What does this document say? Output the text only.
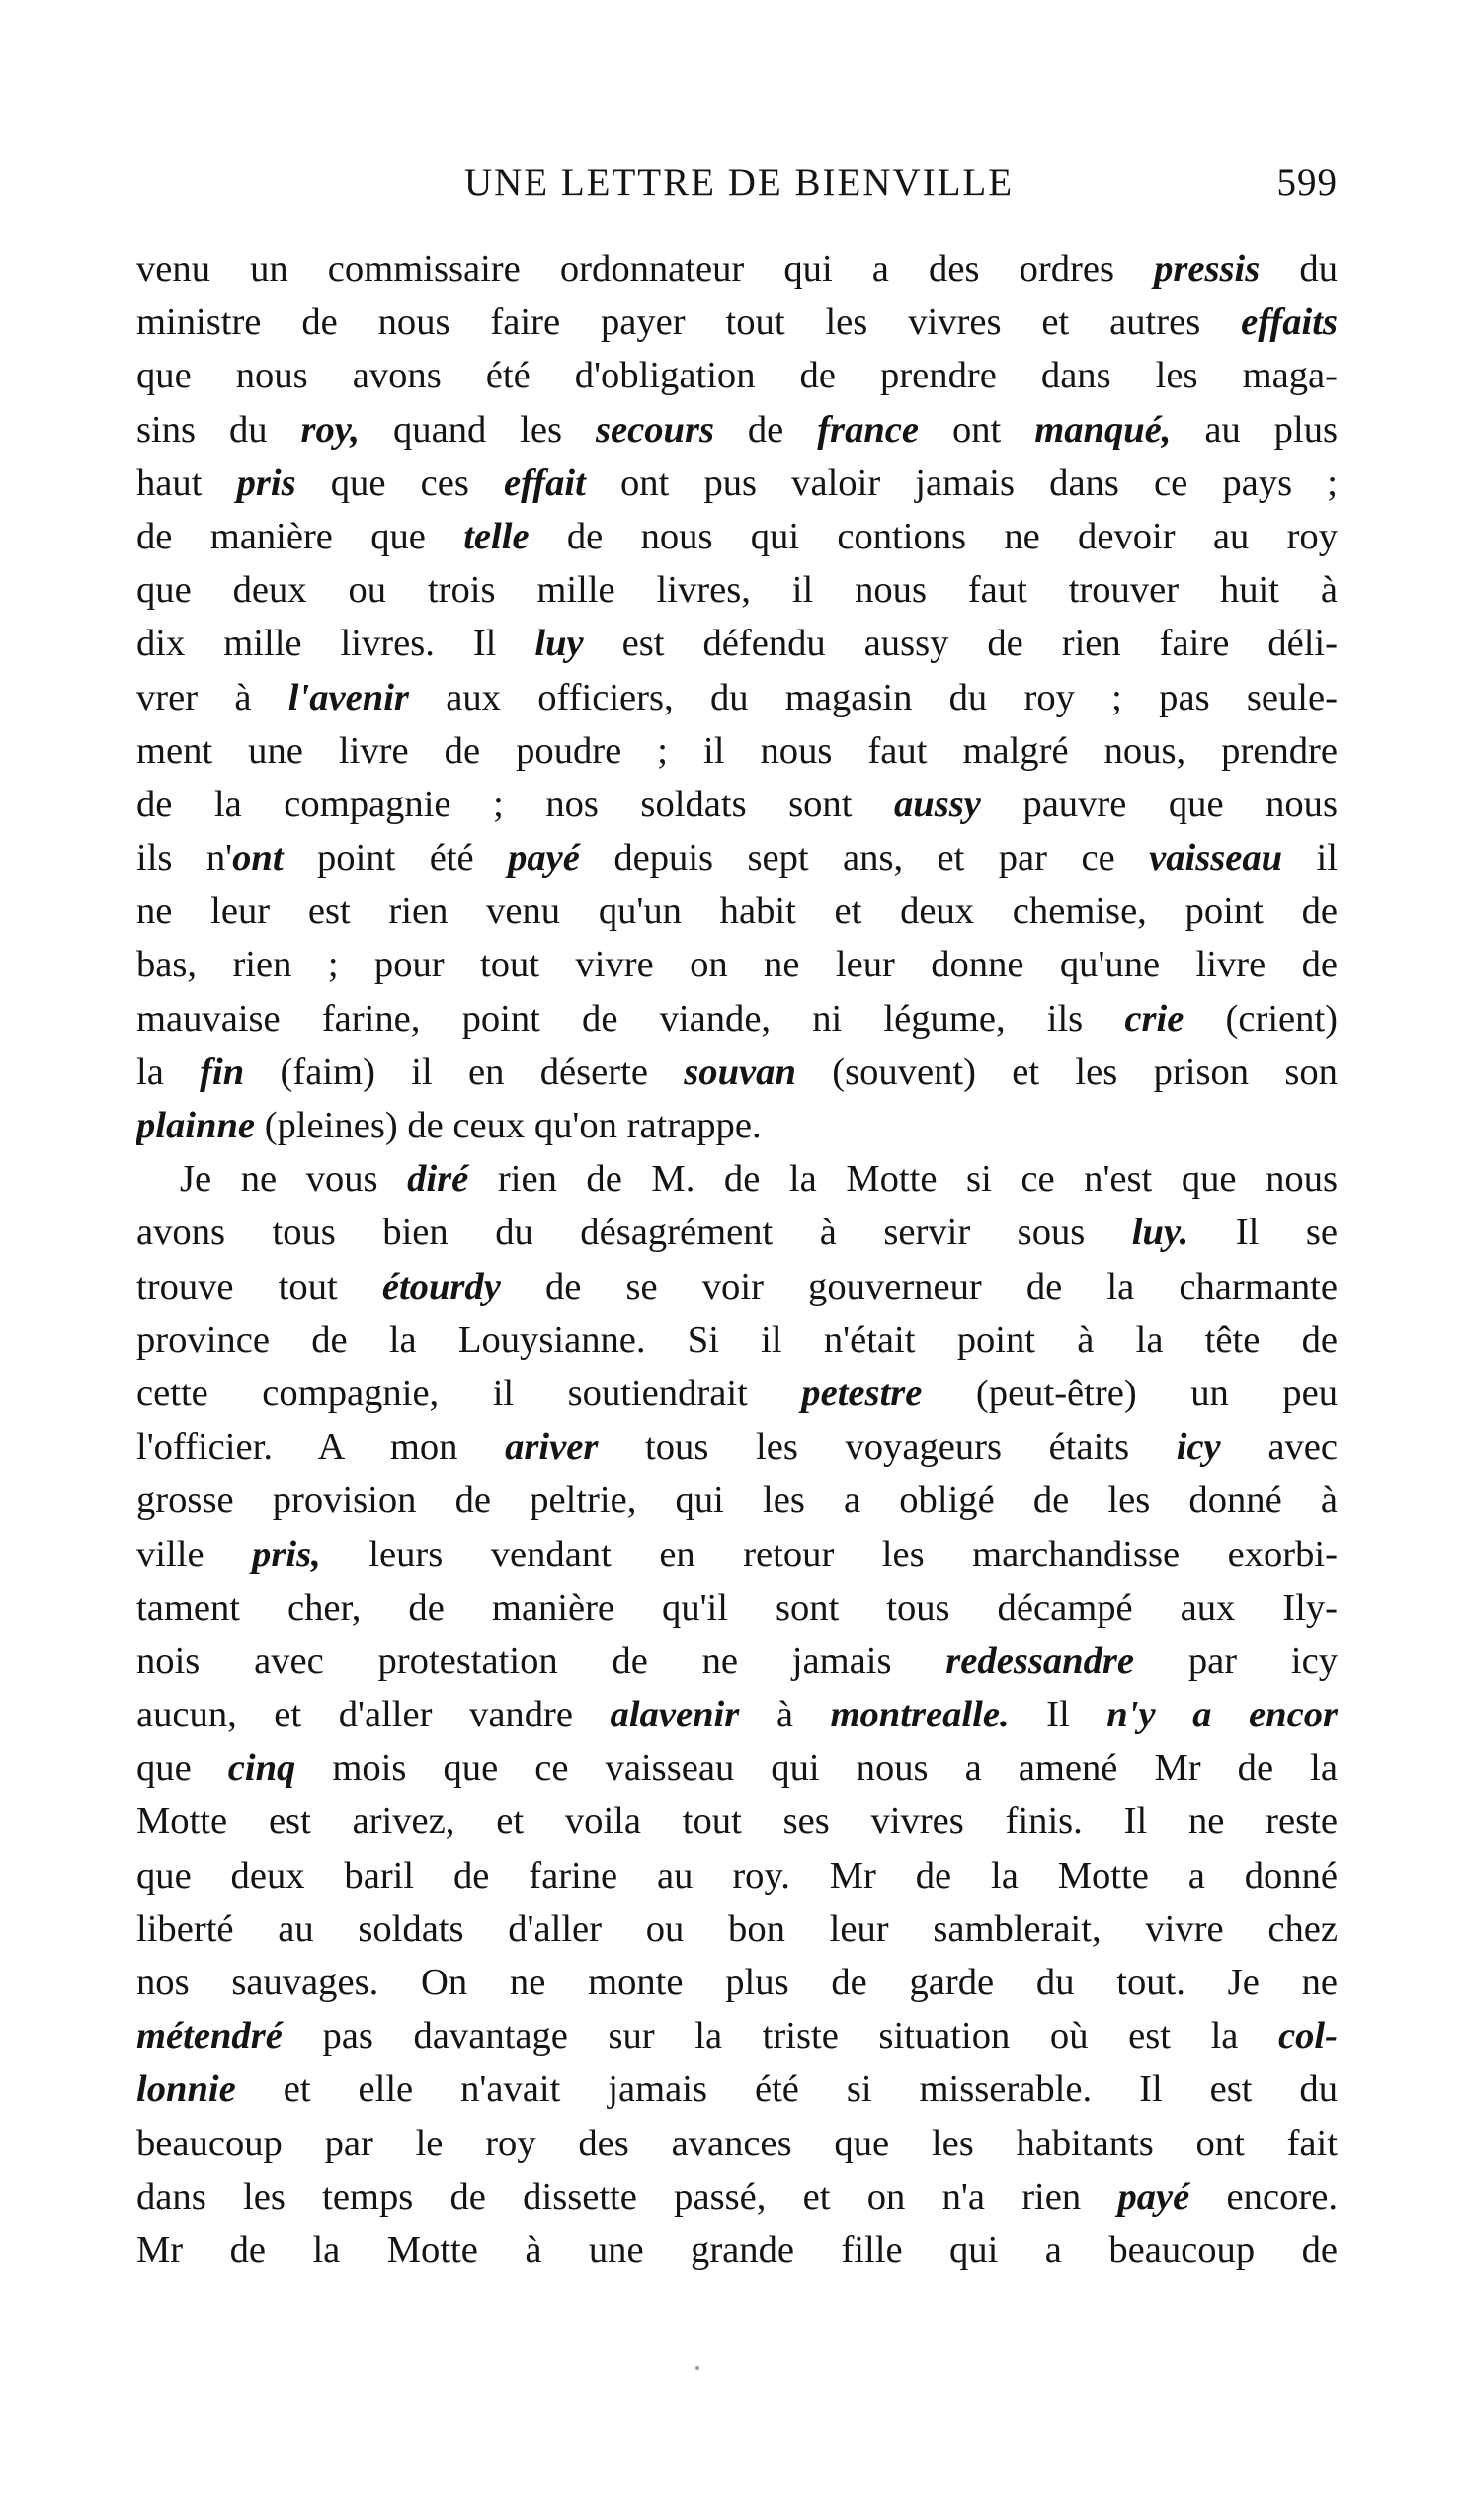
UNE LETTRE DE BIENVILLE	599
venu un commissaire ordonnateur qui a des ordres pressis du
ministre de nous faire payer tout les vivres et autres effaits
que nous avons été d'obligation de prendre dans les maga-
sins du roy, quand les secours de france ont manqué, au plus
haut pris que ces effait ont pus valoir jamais dans ce pays ;
de manière que telle de nous qui contions ne devoir au roy
que deux ou trois mille livres, il nous faut trouver huit à
dix mille livres. Il luy est défendu aussy de rien faire déli-
vrer à l'avenir aux officiers, du magasin du roy ; pas seule-
ment une livre de poudre ; il nous faut malgré nous, prendre
de la compagnie ; nos soldats sont aussy pauvre que nous
ils n'ont point été payé depuis sept ans, et par ce vaisseau il
ne leur est rien venu qu'un habit et deux chemise, point de
bas, rien ; pour tout vivre on ne leur donne qu'une livre de
mauvaise farine, point de viande, ni légume, ils crie (crient)
la fin (faim) il en déserte souvan (souvent) et les prison son
plainne (pleines) de ceux qu'on ratrappe.
Je ne vous diré rien de M. de la Motte si ce n'est que nous
avons tous bien du désagrément à servir sous luy. Il se
trouve tout étourdy de se voir gouverneur de la charmante
province de la Louysianne. Si il n'était point à la tête de
cette compagnie, il soutiendrait petestre (peut-être) un peu
l'officier. A mon ariver tous les voyageurs étaits icy avec
grosse provision de peltrie, qui les a obligé de les donné à
ville pris, leurs vendant en retour les marchandisse exorbi-
tament cher, de manière qu'il sont tous décampé aux Ily-
nois avec protestation de ne jamais redessandre par icy
aucun, et d'aller vandre alavenir à montrealle. Il n'y a encor
que cinq mois que ce vaisseau qui nous a amené Mr de la
Motte est arivez, et voila tout ses vivres finis. Il ne reste
que deux baril de farine au roy. Mr de la Motte a donné
liberté au soldats d'aller ou bon leur samblerait, vivre chez
nos sauvages. On ne monte plus de garde du tout. Je ne
métendré pas davantage sur la triste situation où est la col-
lonnie et elle n'avait jamais été si misserable. Il est du
beaucoup par le roy des avances que les habitants ont fait
dans les temps de dissette passé, et on n'a rien payé encore.
Mr de la Motte à une grande fille qui a beaucoup de
